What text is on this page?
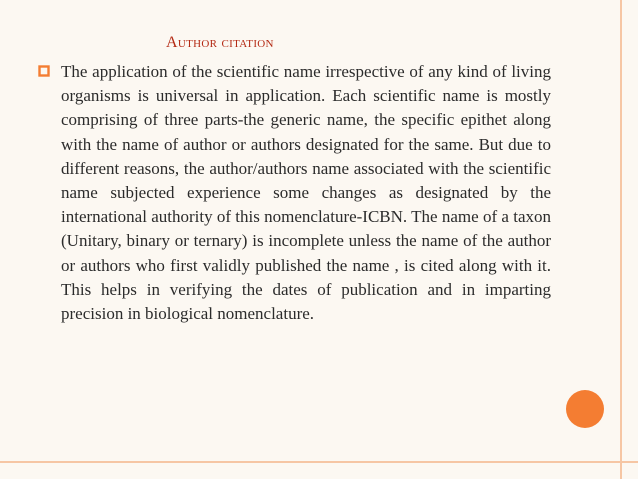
Author citation

The application of the scientific name irrespective of any kind of living organisms is universal in application. Each scientific name is mostly comprising of three parts-the generic name, the specific epithet along with the name of author or authors designated for the same. But due to different reasons, the author/authors name associated with the scientific name subjected experience some changes as designated by the international authority of this nomenclature-ICBN. The name of a taxon (Unitary, binary or ternary) is incomplete unless the name of the author or authors who first validly published the name , is cited along with it. This helps in verifying the dates of publication and in imparting precision in biological nomenclature.
